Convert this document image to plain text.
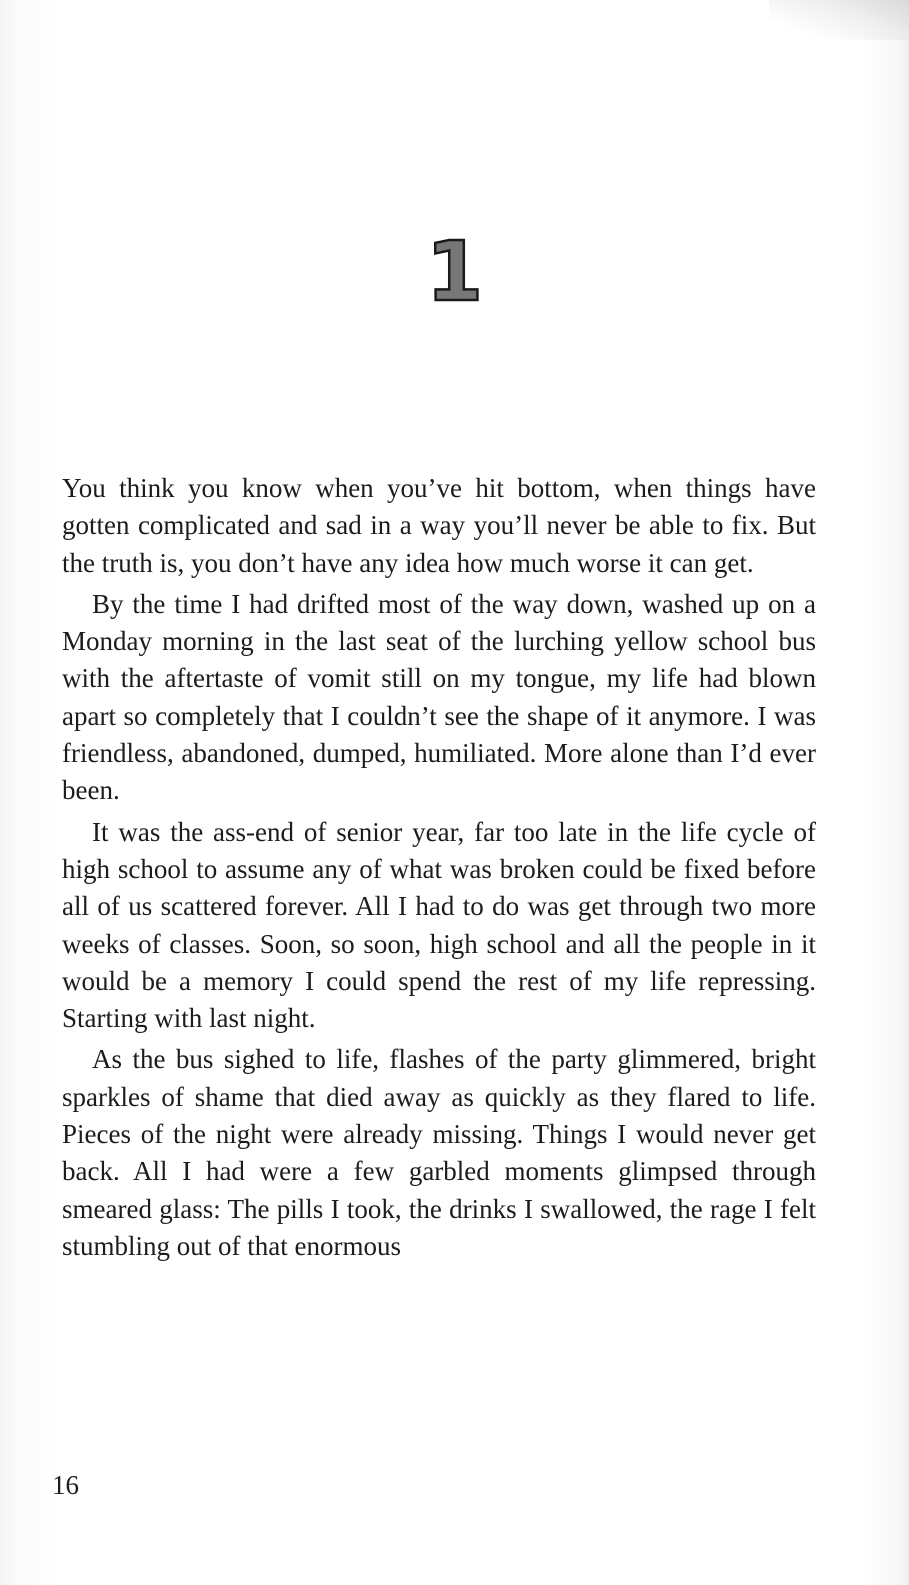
1

You think you know when you’ve hit bottom, when things have gotten complicated and sad in a way you’ll never be able to fix. But the truth is, you don’t have any idea how much worse it can get.

By the time I had drifted most of the way down, washed up on a Monday morning in the last seat of the lurching yellow school bus with the aftertaste of vomit still on my tongue, my life had blown apart so completely that I couldn’t see the shape of it anymore. I was friendless, abandoned, dumped, humiliated. More alone than I’d ever been.

It was the ass-end of senior year, far too late in the life cycle of high school to assume any of what was broken could be fixed before all of us scattered forever. All I had to do was get through two more weeks of classes. Soon, so soon, high school and all the people in it would be a memory I could spend the rest of my life repressing. Starting with last night.

As the bus sighed to life, flashes of the party glimmered, bright sparkles of shame that died away as quickly as they flared to life. Pieces of the night were already missing. Things I would never get back. All I had were a few garbled moments glimpsed through smeared glass: The pills I took, the drinks I swallowed, the rage I felt stumbling out of that enormous

16
